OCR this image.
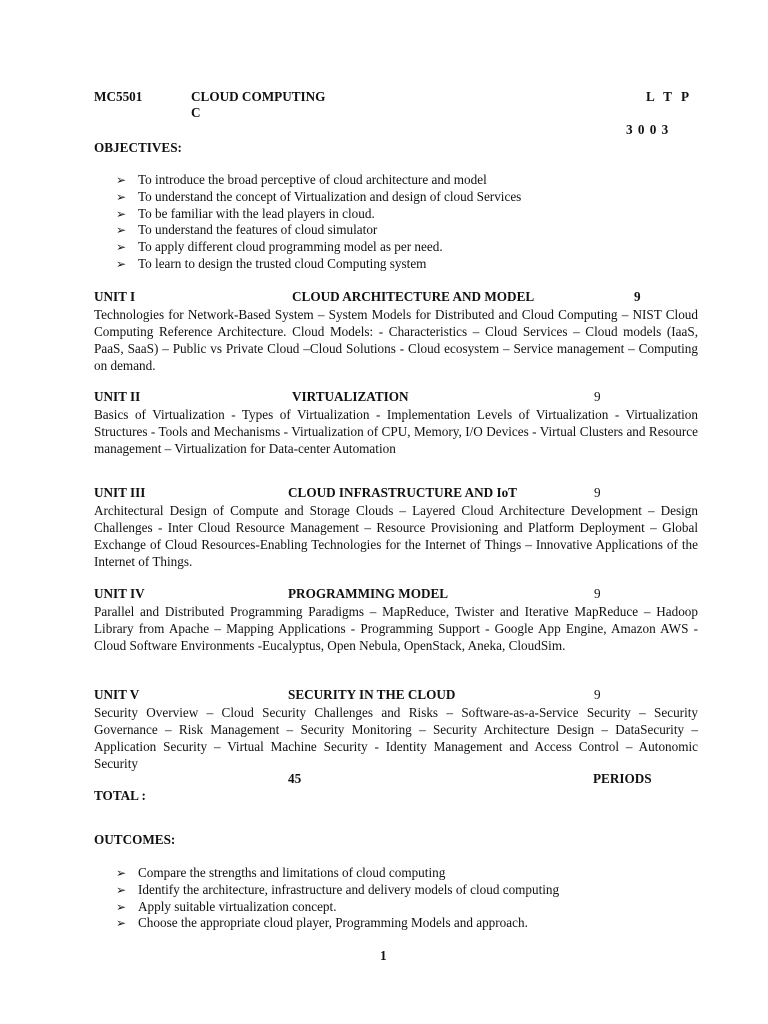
MC5501	CLOUD COMPUTING	L T P
C
3 0 0 3
OBJECTIVES:
➢ To introduce the broad perceptive of cloud architecture and model
➢ To understand the concept of Virtualization and design of cloud Services
➢ To be familiar with the lead players in cloud.
➢ To understand the features of cloud simulator
➢ To apply different cloud programming model as per need.
➢ To learn to design the trusted cloud Computing system
UNIT I	CLOUD ARCHITECTURE AND MODEL	9

Technologies for Network-Based System – System Models for Distributed and Cloud Computing – NIST Cloud Computing Reference Architecture. Cloud Models: - Characteristics – Cloud Services – Cloud models (IaaS, PaaS, SaaS) – Public vs Private Cloud –Cloud Solutions - Cloud ecosystem – Service management – Computing on demand.

UNIT II	VIRTUALIZATION	9

Basics of Virtualization - Types of Virtualization - Implementation Levels of Virtualization - Virtualization Structures - Tools and Mechanisms - Virtualization of CPU, Memory, I/O Devices - Virtual Clusters and Resource management – Virtualization for Data-center Automation

UNIT III	CLOUD INFRASTRUCTURE AND IoT	9

Architectural Design of Compute and Storage Clouds – Layered Cloud Architecture Development – Design Challenges - Inter Cloud Resource Management – Resource Provisioning and Platform Deployment – Global Exchange of Cloud Resources-Enabling Technologies for the Internet of Things – Innovative Applications of the Internet of Things.

UNIT IV	PROGRAMMING MODEL	9

Parallel and Distributed Programming Paradigms – MapReduce, Twister and Iterative MapReduce – Hadoop Library from Apache – Mapping Applications - Programming Support - Google App Engine, Amazon AWS - Cloud Software Environments -Eucalyptus, Open Nebula, OpenStack, Aneka, CloudSim.

UNIT V	SECURITY IN THE CLOUD	9

Security Overview – Cloud Security Challenges and Risks – Software-as-a-Service Security – Security Governance – Risk Management – Security Monitoring – Security Architecture Design – DataSecurity – Application Security – Virtual Machine Security - Identity Management and Access Control – Autonomic Security

45	PERIODS
TOTAL :
OUTCOMES:
➢ Compare the strengths and limitations of cloud computing
➢ Identify the architecture, infrastructure and delivery models of cloud computing
➢ Apply suitable virtualization concept.
➢ Choose the appropriate cloud player, Programming Models and approach.
1
